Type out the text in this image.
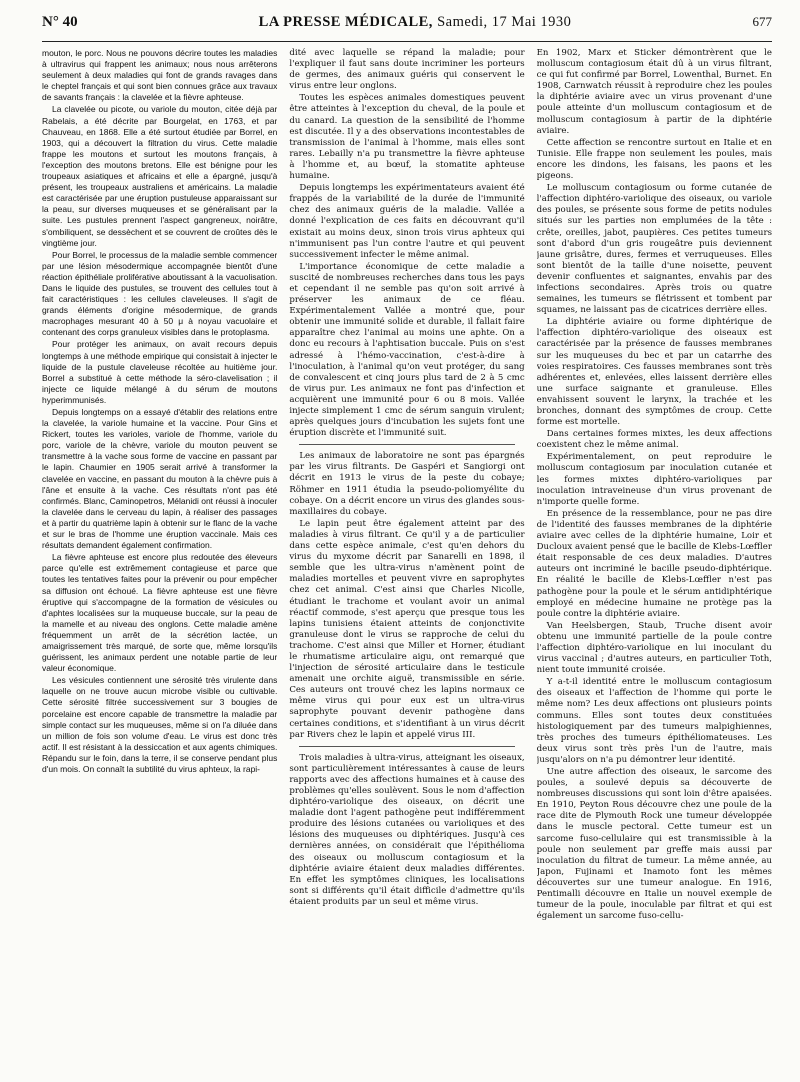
N° 40	LA PRESSE MÉDICALE, Samedi, 17 Mai 1930	677

mouton, le porc. Nous ne pouvons décrire toutes les maladies à ultravirus qui frappent les animaux; nous nous arrêterons seulement à deux maladies qui font de grands ravages dans le cheptel français et qui sont bien connues grâce aux travaux de savants français : la clavelée et la fièvre aphteuse.

La clavelée ou picote, ou variole du mouton, citée déjà par Rabelais, a été décrite par Bourgelat, en 1763, et par Chauveau, en 1868. Elle a été surtout étudiée par Borrel, en 1903, qui a découvert la filtration du virus. Cette maladie frappe les moutons et surtout les moutons français, à l'exception des moutons bretons. Elle est bénigne pour les troupeaux asiatiques et africains et elle a épargné, jusqu'à présent, les troupeaux australiens et américains. La maladie est caractérisée par une éruption pustuleuse apparaissant sur la peau, sur diverses muqueuses et se généralisant par la suite. Les pustules prennent l'aspect gangreneux, noirâtre, s'ombiliquent, se dessèchent et se couvrent de croûtes dès le vingtième jour.

Pour Borrel, le processus de la maladie semble commencer par une lésion mésodermique accompagnée bientôt d'une réaction épithéliale proliférative aboutissant à la vacuolisation. Dans le liquide des pustules, se trouvent des cellules tout à fait caractéristiques : les cellules claveleuses. Il s'agit de grands éléments d'origine mésodermique, de grands macrophages mesurant 40 à 50 μ à noyau vacuolaire et contenant des corps granuleux visibles dans le protoplasma.

Pour protéger les animaux, on avait recours depuis longtemps à une méthode empirique qui consistait à injecter le liquide de la pustule claveleuse récoltée au huitième jour. Borrel a substitué à cette méthode la séro-clavelisation ; il injecte ce liquide mélangé à du sérum de moutons hyperimmunisés.

Depuis longtemps on a essayé d'établir des relations entre la clavelée, la variole humaine et la vaccine. Pour Gins et Rickert, toutes les varioles, variole de l'homme, variole du porc, variole de la chèvre, variole du mouton peuvent se transmettre à la vache sous forme de vaccine en passant par le lapin. Chaumier en 1905 serait arrivé à transformer la clavelée en vaccine, en passant du mouton à la chèvre puis à l'âne et ensuite à la vache. Ces résultats n'ont pas été confirmés. Blanc, Caminopetros, Mélanidi ont réussi à inoculer la clavelée dans le cerveau du lapin, à réaliser des passages et à partir du quatrième lapin à obtenir sur le flanc de la vache et sur le bras de l'homme une éruption vaccinale. Mais ces résultats demandent également confirmation.

La fièvre aphteuse est encore plus redoutée des éleveurs parce qu'elle est extrêmement contagieuse et parce que toutes les tentatives faites pour la prévenir ou pour empêcher sa diffusion ont échoué. La fièvre aphteuse est une fièvre éruptive qui s'accompagne de la formation de vésicules ou d'aphtes localisées sur la muqueuse buccale, sur la peau de la mamelle et au niveau des onglons. Cette maladie amène fréquemment un arrêt de la sécrétion lactée, un amaigrissement très marqué, de sorte que, même lorsqu'ils guérissent, les animaux perdent une notable partie de leur valeur économique.

Les vésicules contiennent une sérosité très virulente dans laquelle on ne trouve aucun microbe visible ou cultivable. Cette sérosité filtrée successivement sur 3 bougies de porcelaine est encore capable de transmettre la maladie par simple contact sur les muqueuses, même si on l'a diluée dans un million de fois son volume d'eau. Le virus est donc très actif. Il est résistant à la dessiccation et aux agents chimiques. Répandu sur le foin, dans la terre, il se conserve pendant plus d'un mois. On connaît la subtilité du virus aphteux, la rapi-

dité avec laquelle se répand la maladie; pour l'expliquer il faut sans doute incriminer les porteurs de germes, des animaux guéris qui conservent le virus entre leur onglons.

Toutes les espèces animales domestiques peuvent être atteintes à l'exception du cheval, de la poule et du canard. La question de la sensibilité de l'homme est discutée. Il y a des observations incontestables de transmission de l'animal à l'homme, mais elles sont rares. Lebailly n'a pu transmettre la fièvre aphteuse à l'homme et, au bœuf, la stomatite aphteuse humaine.

Depuis longtemps les expérimentateurs avaient été frappés de la variabilité de la durée de l'immunité chez des animaux guéris de la maladie. Vallée a donné l'explication de ces faits en découvrant qu'il existait au moins deux, sinon trois virus aphteux qui n'immunisent pas l'un contre l'autre et qui peuvent successivement infecter le même animal.

L'importance économique de cette maladie a suscité de nombreuses recherches dans tous les pays et cependant il ne semble pas qu'on soit arrivé à préserver les animaux de ce fléau. Expérimentalement Vallée a montré que, pour obtenir une immunité solide et durable, il fallait faire apparaître chez l'animal au moins une aphte. On a donc eu recours à l'aphtisation buccale. Puis on s'est adressé à l'hémo-vaccination, c'est-à-dire à l'inoculation, à l'animal qu'on veut protéger, du sang de convalescent et cinq jours plus tard de 2 à 5 cmc de virus pur. Les animaux ne font pas d'infection et acquièrent une immunité pour 6 ou 8 mois. Vallée injecte simplement 1 cmc de sérum sanguin virulent; après quelques jours d'incubation les sujets font une éruption discrète et l'immunité suit.

Les animaux de laboratoire ne sont pas épargnés par les virus filtrants. De Gaspéri et Sangiorgi ont décrit en 1913 le virus de la peste du cobaye; Röhmer en 1911 étudia la pseudo-poliomyélite du cobaye. On a décrit encore un virus des glandes sous-maxillaires du cobaye.

Le lapin peut être également atteint par des maladies à virus filtrant. Ce qu'il y a de particulier dans cette espèce animale, c'est qu'en dehors du virus du myxome décrit par Sanarelli en 1898, il semble que les ultra-virus n'amènent point de maladies mortelles et peuvent vivre en saprophytes chez cet animal. C'est ainsi que Charles Nicolle, étudiant le trachome et voulant avoir un animal réactif commode, s'est aperçu que presque tous les lapins tunisiens étaient atteints de conjonctivite granuleuse dont le virus se rapproche de celui du trachome. C'est ainsi que Miller et Horner, étudiant le rhumatisme articulaire aigu, ont remarqué que l'injection de sérosité articulaire dans le testicule amenait une orchite aiguë, transmissible en série. Ces auteurs ont trouvé chez les lapins normaux ce même virus qui pour eux est un ultra-virus saprophyte pouvant devenir pathogène dans certaines conditions, et s'identifiant à un virus décrit par Rivers chez le lapin et appelé virus III.

Trois maladies à ultra-virus, atteignant les oiseaux, sont particulièrement intéressantes à cause de leurs rapports avec des affections humaines et à cause des problèmes qu'elles soulèvent. Sous le nom d'affection diphtéro-variolique des oiseaux, on décrit une maladie dont l'agent pathogène peut indifféremment produire des lésions cutanées ou varioliques et des lésions des muqueuses ou diphtériques. Jusqu'à ces dernières années, on considérait que l'épithélioma des oiseaux ou molluscum contagiosum et la diphtérie aviaire étaient deux maladies différentes. En effet les symptômes cliniques, les localisations sont si différents qu'il était difficile d'admettre qu'ils étaient produits par un seul et même virus.

En 1902, Marx et Sticker démontrèrent que le molluscum contagiosum était dû à un virus filtrant, ce qui fut confirmé par Borrel, Lowenthal, Burnet. En 1908, Carnwatch réussit à reproduire chez les poules la diphtérie aviaire avec un virus provenant d'une poule atteinte d'un molluscum contagiosum et de molluscum contagiosum à partir de la diphtérie aviaire.

Cette affection se rencontre surtout en Italie et en Tunisie. Elle frappe non seulement les poules, mais encore les dindons, les faisans, les paons et les pigeons.

Le molluscum contagiosum ou forme cutanée de l'affection diphtéro-variolique des oiseaux, ou variole des poules, se présente sous forme de petits nodules situés sur les parties non emplumées de la tête : crête, oreilles, jabot, paupières. Ces petites tumeurs sont d'abord d'un gris rougeâtre puis deviennent jaune grisâtre, dures, fermes et verruqueuses. Elles sont bientôt de la taille d'une noisette, peuvent devenir confluentes et saignantes, envahis par des infections secondaires. Après trois ou quatre semaines, les tumeurs se flétrissent et tombent par squames, ne laissant pas de cicatrices derrière elles.

La diphtérie aviaire ou forme diphtérique de l'affection diphtéro-variolique des oiseaux est caractérisée par la présence de fausses membranes sur les muqueuses du bec et par un catarrhe des voies respiratoires. Ces fausses membranes sont très adhérentes et, enlevées, elles laissent derrière elles une surface saignante et granuleuse. Elles envahissent souvent le larynx, la trachée et les bronches, donnant des symptômes de croup. Cette forme est mortelle.

Dans certaines formes mixtes, les deux affections coexistent chez le même animal.

Expérimentalement, on peut reproduire le molluscum contagiosum par inoculation cutanée et les formes mixtes diphtéro-varioliques par inoculation intraveineuse d'un virus provenant de n'importe quelle forme.

En présence de la ressemblance, pour ne pas dire de l'identité des fausses membranes de la diphtérie aviaire avec celles de la diphtérie humaine, Loir et Ducloux avaient pensé que le bacille de Klebs-Lœffler était responsable de ces deux maladies. D'autres auteurs ont incriminé le bacille pseudo-diphtérique. En réalité le bacille de Klebs-Lœffler n'est pas pathogène pour la poule et le sérum antidiphtérique employé en médecine humaine ne protège pas la poule contre la diphtérie aviaire.

Van Heelsbergen, Staub, Truche disent avoir obtenu une immunité partielle de la poule contre l'affection diphtéro-variolique en lui inoculant du virus vaccinal ; d'autres auteurs, en particulier Toth, nient toute immunité croisée.

Y a-t-il identité entre le molluscum contagiosum des oiseaux et l'affection de l'homme qui porte le même nom? Les deux affections ont plusieurs points communs. Elles sont toutes deux constituées histologiquement par des tumeurs malpighiennes, très proches des tumeurs épithéliomateuses. Les deux virus sont très près l'un de l'autre, mais jusqu'alors on n'a pu démontrer leur identité.

Une autre affection des oiseaux, le sarcome des poules, a soulevé depuis sa découverte de nombreuses discussions qui sont loin d'être apaisées. En 1910, Peyton Rous découvre chez une poule de la race dite de Plymouth Rock une tumeur développée dans le muscle pectoral. Cette tumeur est un sarcome fuso-cellulaire qui est transmissible à la poule non seulement par greffe mais aussi par inoculation du filtrat de tumeur. La même année, au Japon, Fujinami et Inamoto font les mêmes découvertes sur une tumeur analogue. En 1916, Pentimalli découvre en Italie un nouvel exemple de tumeur de la poule, inoculable par filtrat et qui est également un sarcome fuso-cellu-
